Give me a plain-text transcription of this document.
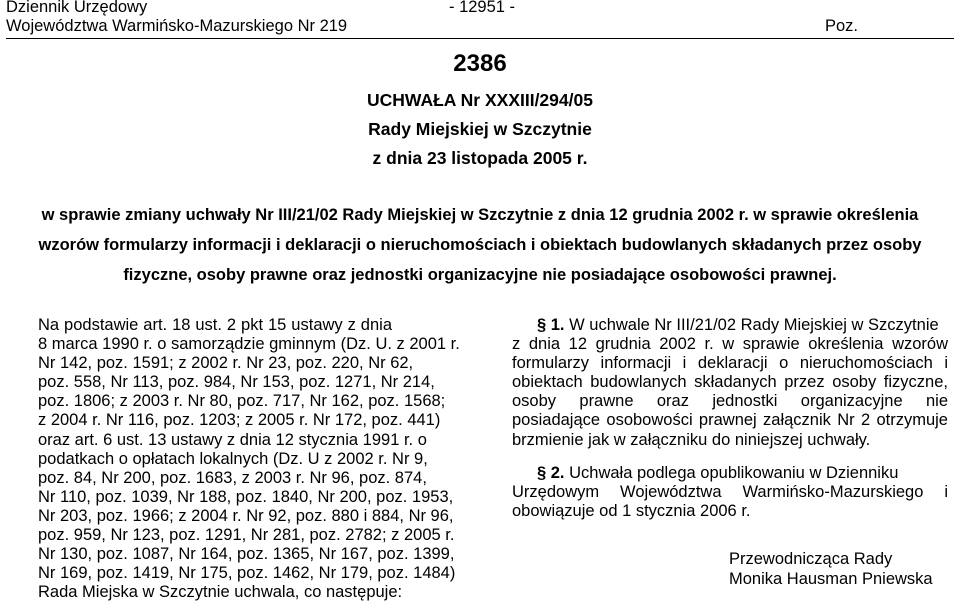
Dziennik Urzędowy
Województwa Warmińsko-Mazurskiego Nr 219
- 12951 -
Poz.
2386
UCHWAŁA Nr XXXIII/294/05
Rady Miejskiej w Szczytnie
z dnia 23 listopada 2005 r.
w sprawie zmiany uchwały Nr III/21/02 Rady Miejskiej w Szczytnie z dnia 12 grudnia 2002 r. w sprawie określenia
wzorów formularzy informacji i deklaracji o nieruchomościach i obiektach budowlanych składanych przez osoby
fizyczne, osoby prawne oraz jednostki organizacyjne nie posiadające osobowości prawnej.
Na podstawie art. 18 ust. 2 pkt 15 ustawy z dnia
8 marca 1990 r. o samorządzie gminnym (Dz. U. z 2001 r.
Nr 142, poz. 1591; z 2002 r. Nr 23, poz. 220, Nr 62,
poz. 558, Nr 113, poz. 984, Nr 153, poz. 1271, Nr 214,
poz. 1806; z 2003 r. Nr 80, poz. 717, Nr 162, poz. 1568;
z 2004 r. Nr 116, poz. 1203; z 2005 r. Nr 172, poz. 441)
oraz art. 6 ust. 13 ustawy z dnia 12 stycznia 1991 r. o
podatkach o opłatach lokalnych (Dz. U z 2002 r. Nr 9,
poz. 84, Nr 200, poz. 1683, z 2003 r. Nr 96, poz. 874,
Nr 110, poz. 1039, Nr 188, poz. 1840, Nr 200, poz. 1953,
Nr 203, poz. 1966; z 2004 r. Nr 92, poz. 880 i 884, Nr 96,
poz. 959, Nr 123, poz. 1291, Nr 281, poz. 2782; z 2005 r.
Nr 130, poz. 1087, Nr 164, poz. 1365, Nr 167, poz. 1399,
Nr 169, poz. 1419, Nr 175, poz. 1462, Nr 179, poz. 1484)
Rada Miejska w Szczytnie uchwala, co następuje:
§ 1. W uchwale Nr III/21/02 Rady Miejskiej w Szczytnie
z dnia 12 grudnia 2002 r. w sprawie określenia wzorów
formularzy informacji i deklaracji o nieruchomościach i
obiektach budowlanych składanych przez osoby fizyczne,
osoby prawne oraz jednostki organizacyjne nie
posiadające osobowości prawnej załącznik Nr 2 otrzymuje
brzmienie jak w załączniku do niniejszej uchwały.
§ 2. Uchwała podlega opublikowaniu w Dzienniku
Urzędowym Województwa Warmińsko-Mazurskiego i
obowiązuje od 1 stycznia 2006 r.
Przewodnicząca Rady
Monika Hausman Pniewska
